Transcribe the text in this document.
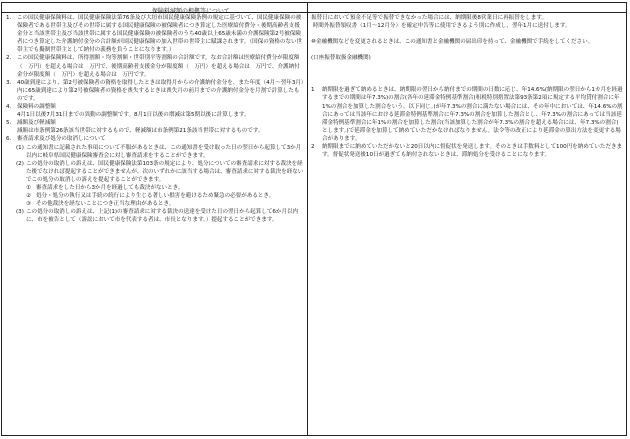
保険料減額の根拠等について
1． この国民健康保険料は、国民健康保険法第76条及び大垣市国民健康保険条例の規定に基づいて、国民健康保険の被保険者である世帯主及びその世帯に属する国民健康保険の被保険者につき算定した医療給付費分・後期高齢者支援金分と当該世帯主及び当該世帯に属する国民健康保険の被保険者のうち40歳以上65歳未満の介護保険第2号被保険者につき算定した介護納付金分の合計額が国民健康保険の加入世帯の世帯主に賦課されます。（国保の資格のない世帯主でも擬制世帯主として納付の義務を負うことになります。）
2． この国民健康保険料は、所得割額・均等割額・世帯別平等割額の合計額です。なお合計額は医療給付費分が限度額（　万円）を超える場合は　万円で、後期高齢者支援金分が限度額（　万円）を超える場合は　万円で、介護納付金分が限度額（　万円）を超える場合は　万円です。
3． 40歳到達により、第2号被保険者の資格を取得したときは取得月からの介護納付金分を、また年度（4月～翌年3月）内に65歳到達により第2号被保険者の資格を喪失するときは喪失月の前月までの介護納付金分を月割で計算したものです。
4． 保険料の調整額
4月1日以後7月31日までの異動の調整額です。8月1日以後の増減は第5期以後に計算します。
5． 減額及び軽減額
減額は市条例第26条該当世帯に対するもので、軽減額は市条例第21条該当世帯に対するものです。
6． 審査請求及び処分の取消しについて
(1) この通知書に記載された事項について不服があるときは、この通知書を受け取った日の翌日から起算して3か月以内に岐阜県国民健康保険審査会に対し審査請求をすることができます。
(2) この処分の取消しの訴えは、国民健康保険法第103条の規定により、処分についての審査請求に対する裁決を経た後でなければ提起することができませんが、次のいずれかに該当する場合は、審査請求に対する裁決を経ないでこの処分の取消しの訴えを提起することができます。
① 審査請求をした日から3か月を経過しても裁決がないとき。
② 処分・処分の執行又は手続の続行により生じる著しい損害を避けるため緊急の必要があるとき。
③ その他裁決を経ないことにつき正当な理由があるとき。
(3) この処分の取消しの訴えは、上記(1)の審査請求に対する裁決の送達を受けた日の翌日から起算して6か月以内に、市を被告として（訴訟において市を代表する者は、市長となります。）提起することができます。
振替日において預金不足等で振替できなかった場合には、納期限後8営業日に再振替をします。
時間外振替領収書（1月～12月分）を確定申告等に使用できるよう別に作成し、翌年1月に送付します。
⑩金融機関などを変更されるときは、この通知書と金融機関の届出印を持って、金融機関で手続をしてください。
(口座振替取扱金融機関)
1	納期限を過ぎて納めるときは、納期限の翌日から納付までの期間の日数に応じ、年14.6%(納期限の翌日から1カ月を経過するまでの期間は年7.3%)の割合(各年の延滞金特例基準割合(租税特別措置法第93条第2項に規定する平均貸付割合に年1%の割合を加算した割合をいう。以下同じ。)が年7.3%の割合に満たない場合には、その年中においては、年14.6%の割合にあっては当該年における延滞金特例基準割合に年7.3%の割合を加算した割合とし、年7.3%の割合にあっては当該延滞金特例基準割合に年1%の割合を加算した割合(当該加算した割合が年7.3%の割合を超える場合には、年7.3%の割合)とします。)で延滞金を加算して納めていただかなければなりません。法令等の改正により延滞金の算出方法を変更する場合があります。
2	納期限までに納めていただかないと20日以内に督促状を発送します。そのときは手数料として100円を納めていただきます。督促状発送後10日が過ぎても納付されないときは、滞納処分を受けることになります。
